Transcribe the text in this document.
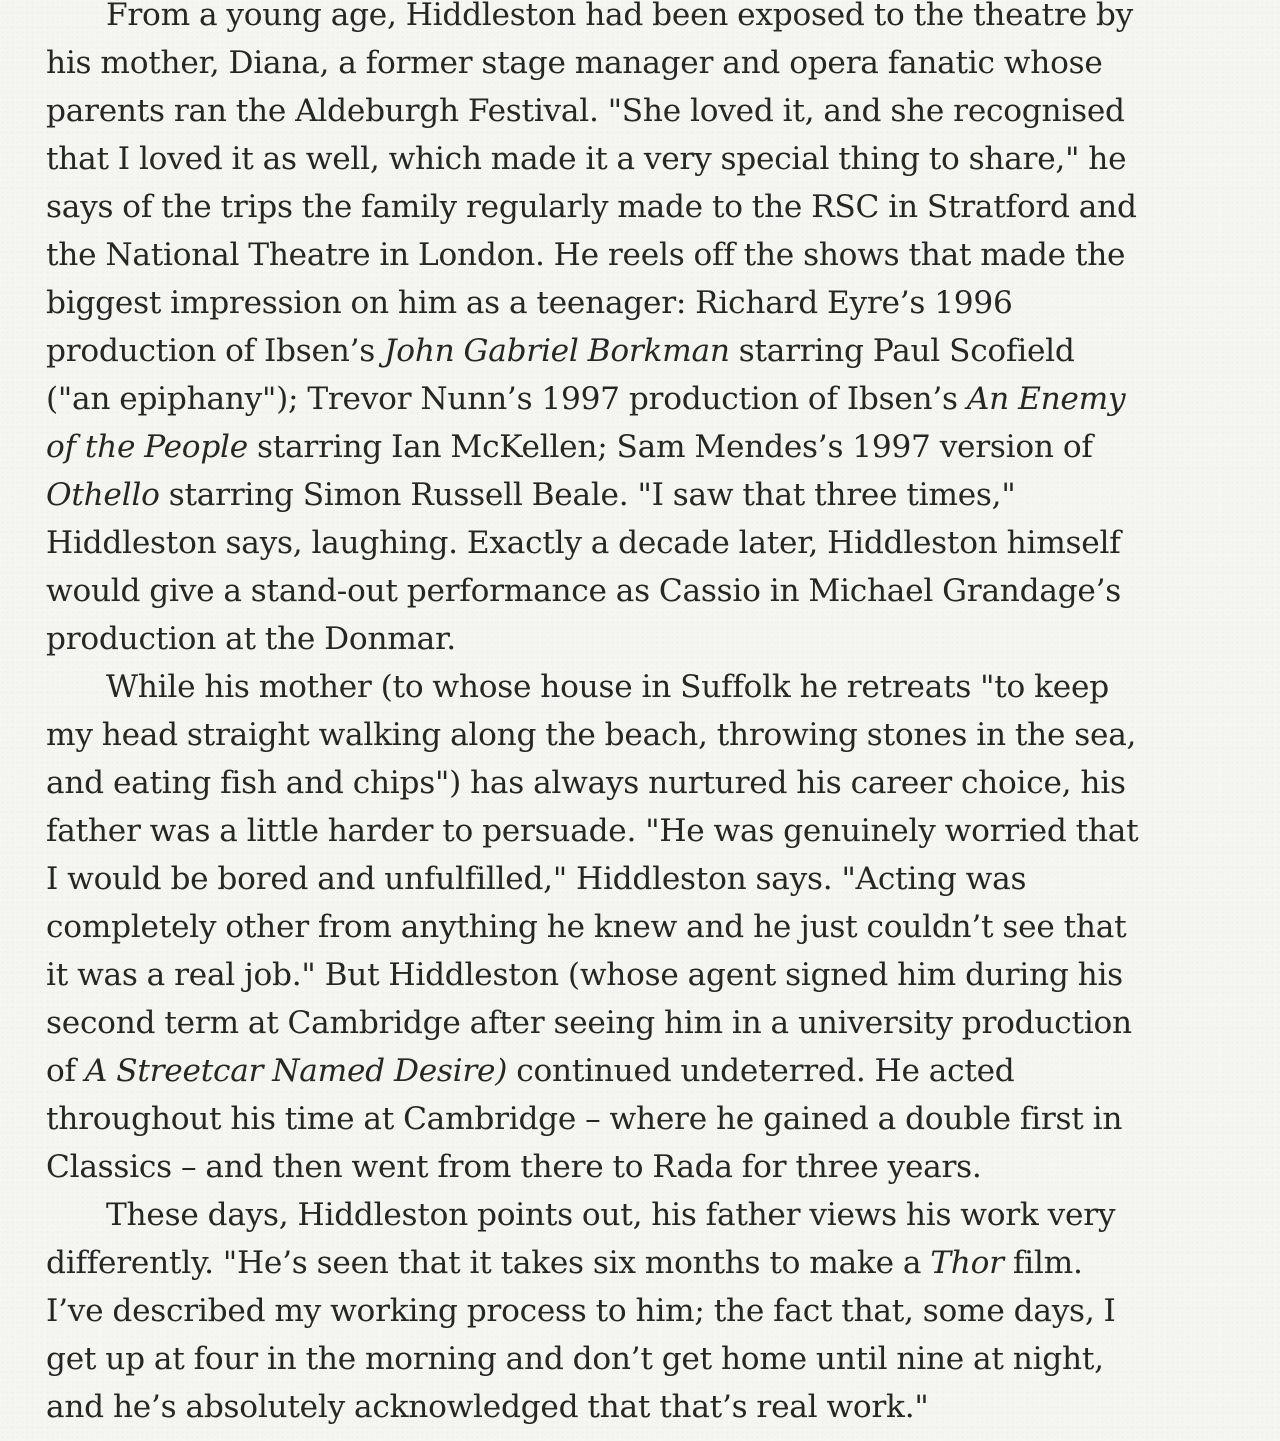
From a young age, Hiddleston had been exposed to the theatre by his mother, Diana, a former stage manager and opera fanatic whose parents ran the Aldeburgh Festival. "She loved it, and she recognised that I loved it as well, which made it a very special thing to share," he says of the trips the family regularly made to the RSC in Stratford and the National Theatre in London. He reels off the shows that made the biggest impression on him as a teenager: Richard Eyre’s 1996 production of Ibsen’s John Gabriel Borkman starring Paul Scofield ("an epiphany"); Trevor Nunn’s 1997 production of Ibsen’s An Enemy of the People starring Ian McKellen; Sam Mendes’s 1997 version of Othello starring Simon Russell Beale. "I saw that three times," Hiddleston says, laughing. Exactly a decade later, Hiddleston himself would give a stand-out performance as Cassio in Michael Grandage’s production at the Donmar.

While his mother (to whose house in Suffolk he retreats "to keep my head straight walking along the beach, throwing stones in the sea, and eating fish and chips") has always nurtured his career choice, his father was a little harder to persuade. "He was genuinely worried that I would be bored and unfulfilled," Hiddleston says. "Acting was completely other from anything he knew and he just couldn’t see that it was a real job." But Hiddleston (whose agent signed him during his second term at Cambridge after seeing him in a university production of A Streetcar Named Desire) continued undeterred. He acted throughout his time at Cambridge – where he gained a double first in Classics – and then went from there to Rada for three years.

These days, Hiddleston points out, his father views his work very differently. "He’s seen that it takes six months to make a Thor film. I’ve described my working process to him; the fact that, some days, I get up at four in the morning and don’t get home until nine at night, and he’s absolutely acknowledged that that’s real work."
